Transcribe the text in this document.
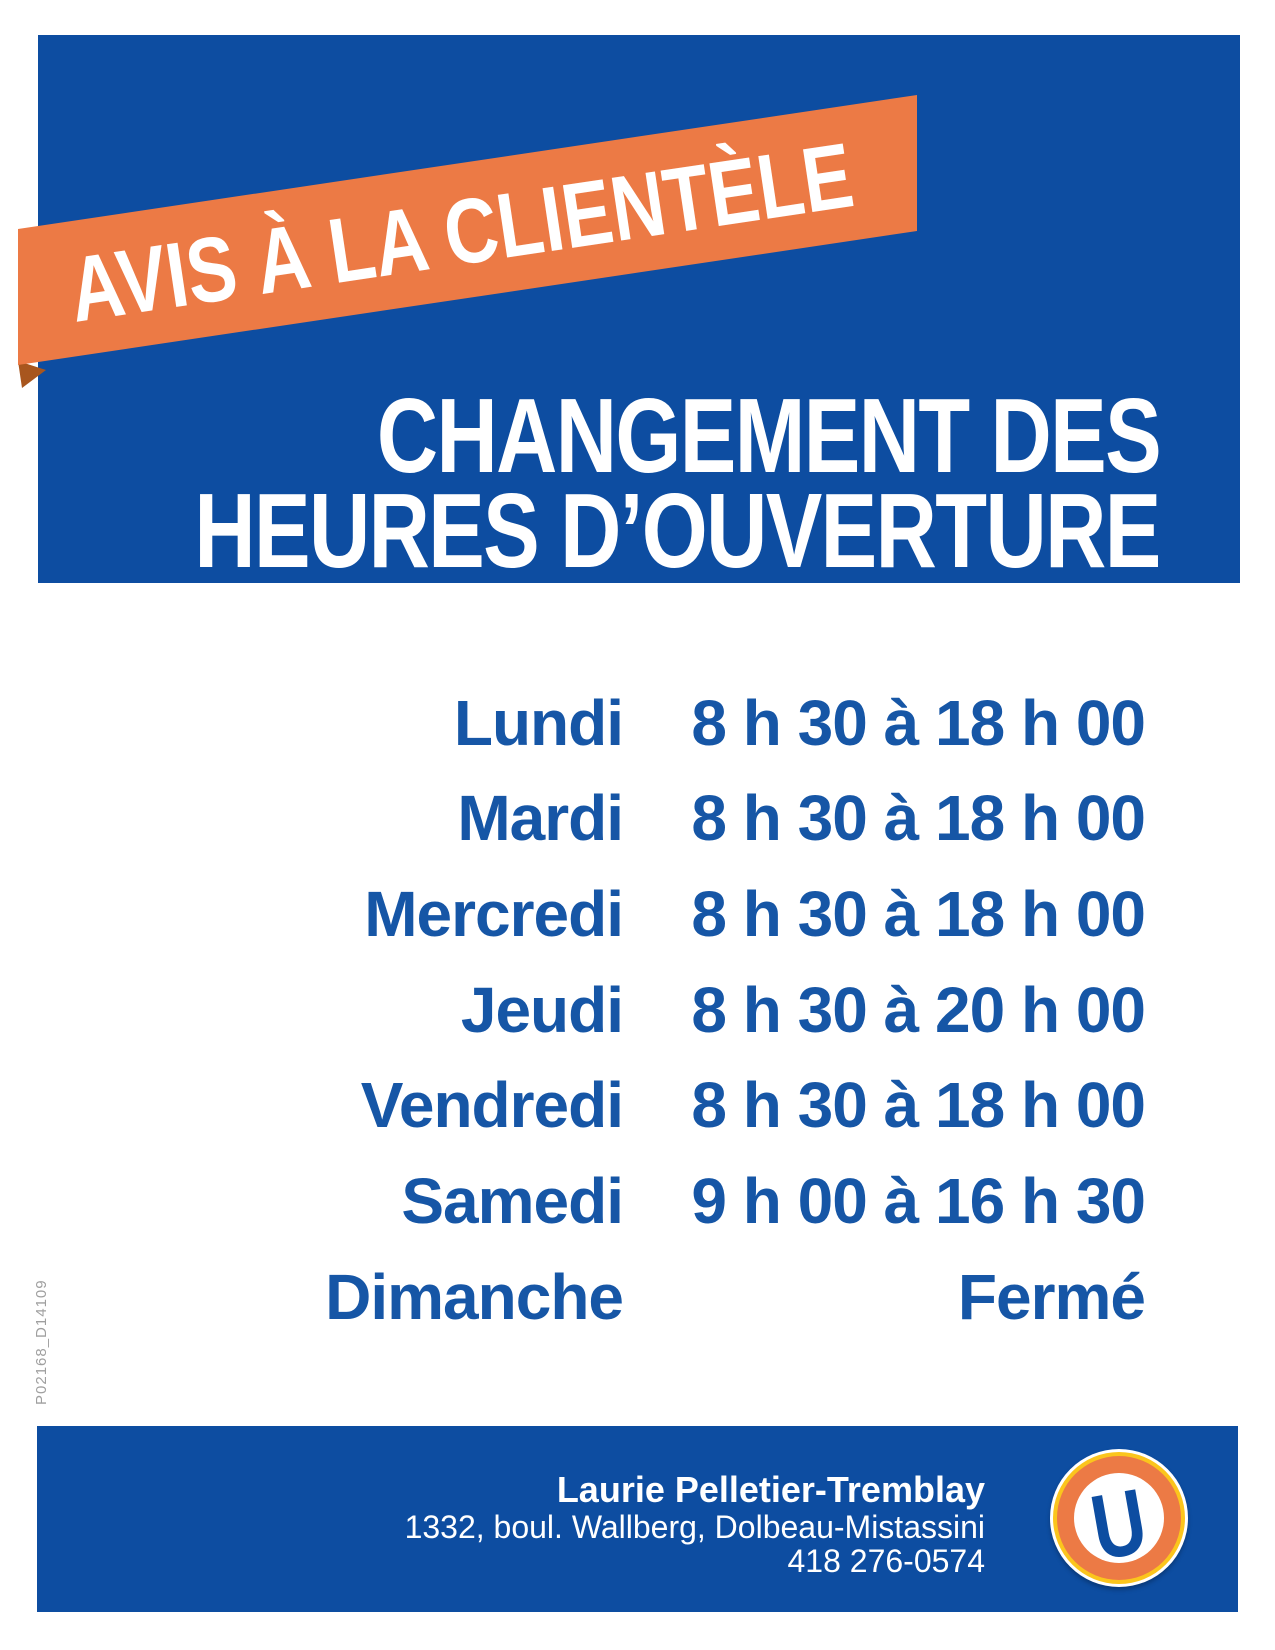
AVIS À LA CLIENTÈLE
CHANGEMENT DES
HEURES D’OUVERTURE
Lundi	8 h 30 à 18 h 00
Mardi	8 h 30 à 18 h 00
Mercredi	8 h 30 à 18 h 00
Jeudi	8 h 30 à 20 h 00
Vendredi	8 h 30 à 18 h 00
Samedi	9 h 00 à 16 h 30
Dimanche	Fermé
P02168_D14109
Laurie Pelletier-Tremblay
1332, boul. Wallberg, Dolbeau-Mistassini
418 276-0574 U
